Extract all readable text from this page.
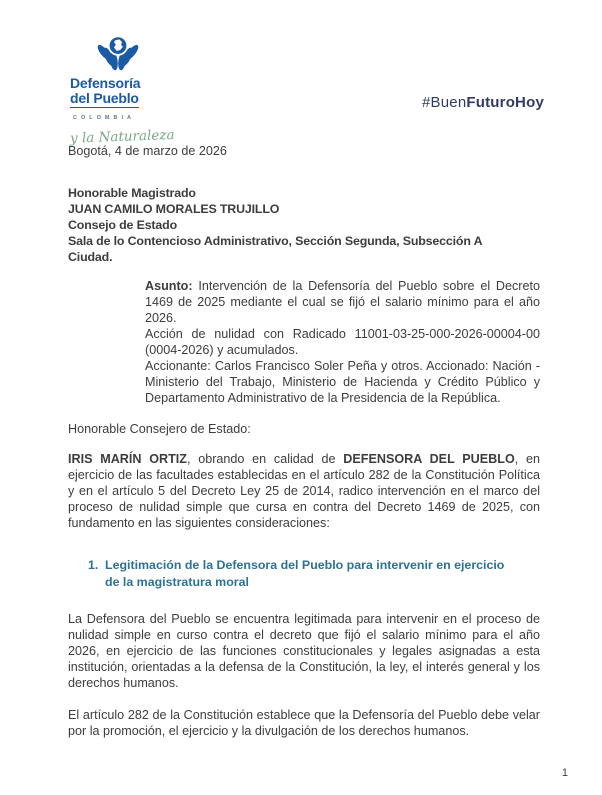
Defensoría
del Pueblo
COLOMBIA
y la Naturaleza
#BuenFuturoHoy

Bogotá, 4 de marzo de 2026

Honorable Magistrado
JUAN CAMILO MORALES TRUJILLO
Consejo de Estado
Sala de lo Contencioso Administrativo, Sección Segunda, Subsección A
Ciudad.

Asunto: Intervención de la Defensoría del Pueblo sobre el Decreto 1469 de 2025 mediante el cual se fijó el salario mínimo para el año 2026.

Acción de nulidad con Radicado 11001-03-25-000-2026-00004-00 (0004-2026) y acumulados.

Accionante: Carlos Francisco Soler Peña y otros. Accionado: Nación - Ministerio del Trabajo, Ministerio de Hacienda y Crédito Público y Departamento Administrativo de la Presidencia de la República.

Honorable Consejero de Estado:

IRIS MARÍN ORTIZ, obrando en calidad de DEFENSORA DEL PUEBLO, en ejercicio de las facultades establecidas en el artículo 282 de la Constitución Política y en el artículo 5 del Decreto Ley 25 de 2014, radico intervención en el marco del proceso de nulidad simple que cursa en contra del Decreto 1469 de 2025, con fundamento en las siguientes consideraciones:

1. Legitimación de la Defensora del Pueblo para intervenir en ejercicio de la magistratura moral

La Defensora del Pueblo se encuentra legitimada para intervenir en el proceso de nulidad simple en curso contra el decreto que fijó el salario mínimo para el año 2026, en ejercicio de las funciones constitucionales y legales asignadas a esta institución, orientadas a la defensa de la Constitución, la ley, el interés general y los derechos humanos.

El artículo 282 de la Constitución establece que la Defensoría del Pueblo debe velar por la promoción, el ejercicio y la divulgación de los derechos humanos.

1
